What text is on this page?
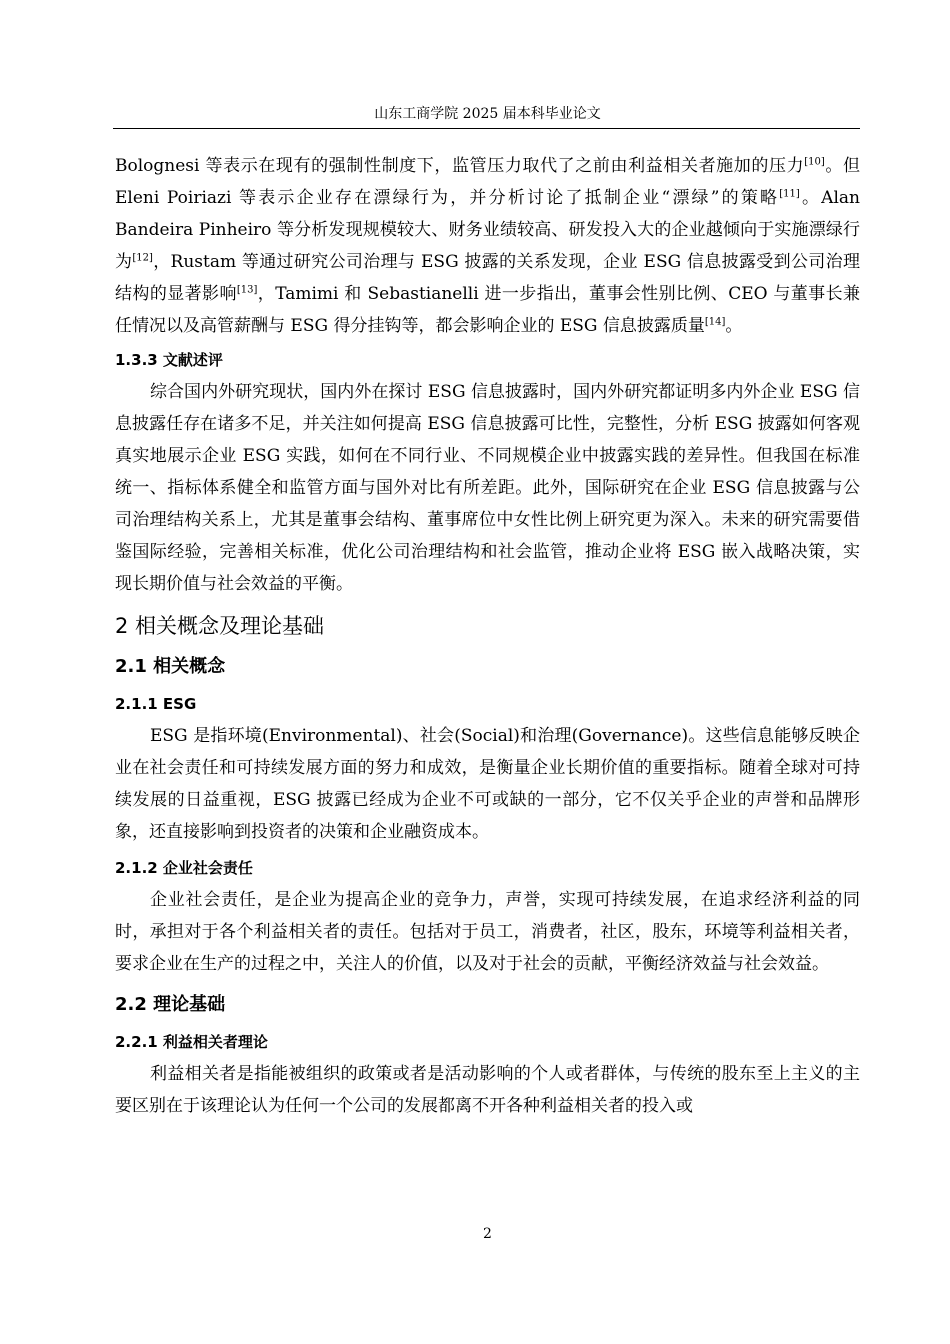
山东工商学院 2025 届本科毕业论文

Bolognesi 等表示在现有的强制性制度下，监管压力取代了之前由利益相关者施加的压力[10]。但 Eleni Poiriazi 等表示企业存在漂绿行为，并分析讨论了抵制企业“漂绿”的策略[11]。Alan Bandeira Pinheiro 等分析发现规模较大、财务业绩较高、研发投入大的企业越倾向于实施漂绿行为[12]，Rustam 等通过研究公司治理与 ESG 披露的关系发现，企业 ESG 信息披露受到公司治理结构的显著影响[13]，Tamimi 和 Sebastianelli 进一步指出，董事会性别比例、CEO 与董事长兼任情况以及高管薪酬与 ESG 得分挂钩等，都会影响企业的 ESG 信息披露质量[14]。

1.3.3 文献述评

综合国内外研究现状，国内外在探讨 ESG 信息披露时，国内外研究都证明多内外企业 ESG 信息披露任存在诸多不足，并关注如何提高 ESG 信息披露可比性，完整性，分析 ESG 披露如何客观真实地展示企业 ESG 实践，如何在不同行业、不同规模企业中披露实践的差异性。但我国在标准统一、指标体系健全和监管方面与国外对比有所差距。此外，国际研究在企业 ESG 信息披露与公司治理结构关系上，尤其是董事会结构、董事席位中女性比例上研究更为深入。未来的研究需要借鉴国际经验，完善相关标准，优化公司治理结构和社会监管，推动企业将 ESG 嵌入战略决策，实现长期价值与社会效益的平衡。

2 相关概念及理论基础
2.1 相关概念
2.1.1 ESG

ESG 是指环境(Environmental)、社会(Social)和治理(Governance)。这些信息能够反映企业在社会责任和可持续发展方面的努力和成效，是衡量企业长期价值的重要指标。随着全球对可持续发展的日益重视，ESG 披露已经成为企业不可或缺的一部分，它不仅关乎企业的声誉和品牌形象，还直接影响到投资者的决策和企业融资成本。

2.1.2 企业社会责任

企业社会责任，是企业为提高企业的竞争力，声誉，实现可持续发展，在追求经济利益的同时，承担对于各个利益相关者的责任。包括对于员工，消费者，社区，股东，环境等利益相关者，要求企业在生产的过程之中，关注人的价值，以及对于社会的贡献，平衡经济效益与社会效益。

2.2 理论基础
2.2.1 利益相关者理论

利益相关者是指能被组织的政策或者是活动影响的个人或者群体，与传统的股东至上主义的主要区别在于该理论认为任何一个公司的发展都离不开各种利益相关者的投入或

2
